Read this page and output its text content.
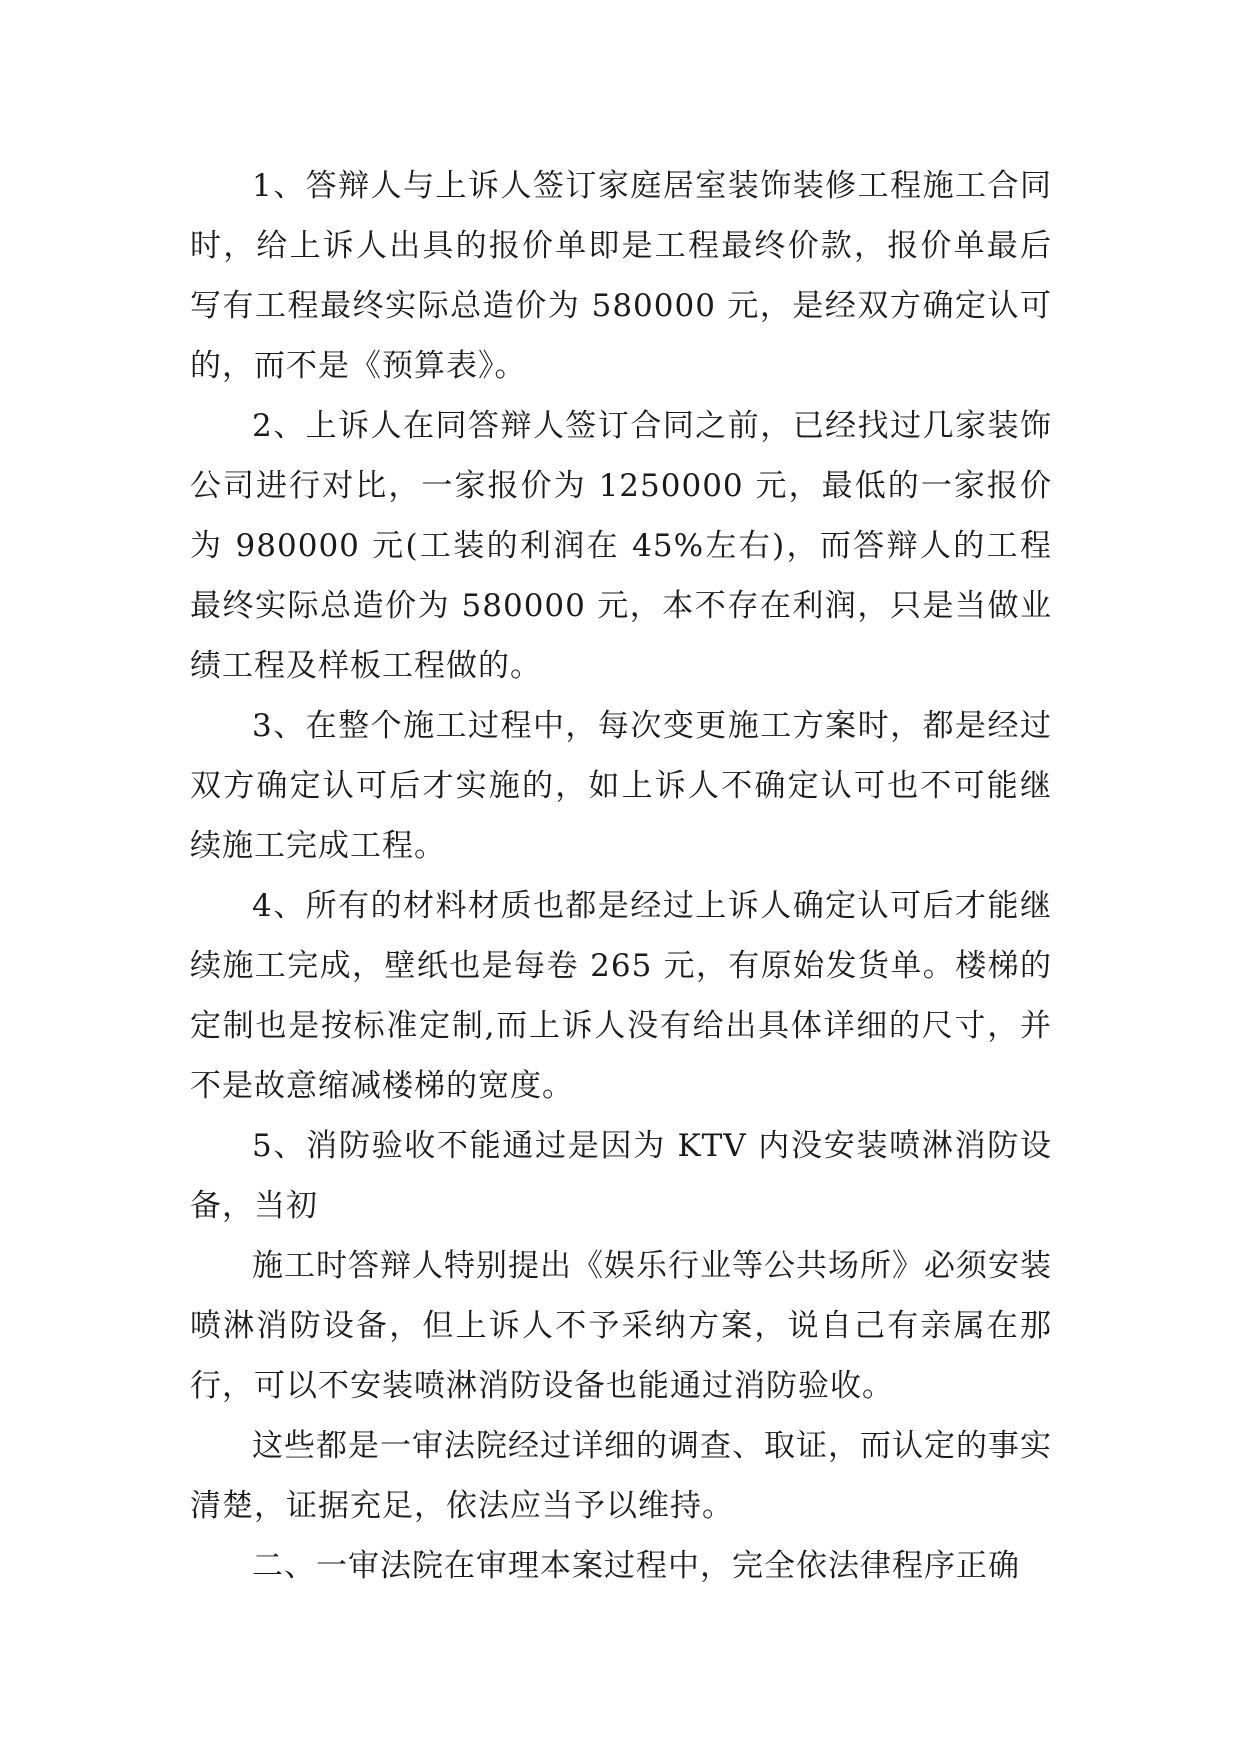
1、答辩人与上诉人签订家庭居室装饰装修工程施工合同时，给上诉人出具的报价单即是工程最终价款，报价单最后写有工程最终实际总造价为 580000 元，是经双方确定认可的，而不是《预算表》。

2、上诉人在同答辩人签订合同之前，已经找过几家装饰公司进行对比，一家报价为 1250000 元，最低的一家报价为 980000 元(工装的利润在 45%左右)，而答辩人的工程最终实际总造价为 580000 元，本不存在利润，只是当做业绩工程及样板工程做的。

3、在整个施工过程中，每次变更施工方案时，都是经过双方确定认可后才实施的，如上诉人不确定认可也不可能继续施工完成工程。

4、所有的材料材质也都是经过上诉人确定认可后才能继续施工完成，壁纸也是每卷 265 元，有原始发货单。楼梯的定制也是按标准定制,而上诉人没有给出具体详细的尺寸，并不是故意缩减楼梯的宽度。

5、消防验收不能通过是因为 KTV 内没安装喷淋消防设备，当初

施工时答辩人特别提出《娱乐行业等公共场所》必须安装喷淋消防设备，但上诉人不予采纳方案，说自己有亲属在那行，可以不安装喷淋消防设备也能通过消防验收。

这些都是一审法院经过详细的调查、取证，而认定的事实清楚，证据充足，依法应当予以维持。

二、一审法院在审理本案过程中，完全依法律程序正确
